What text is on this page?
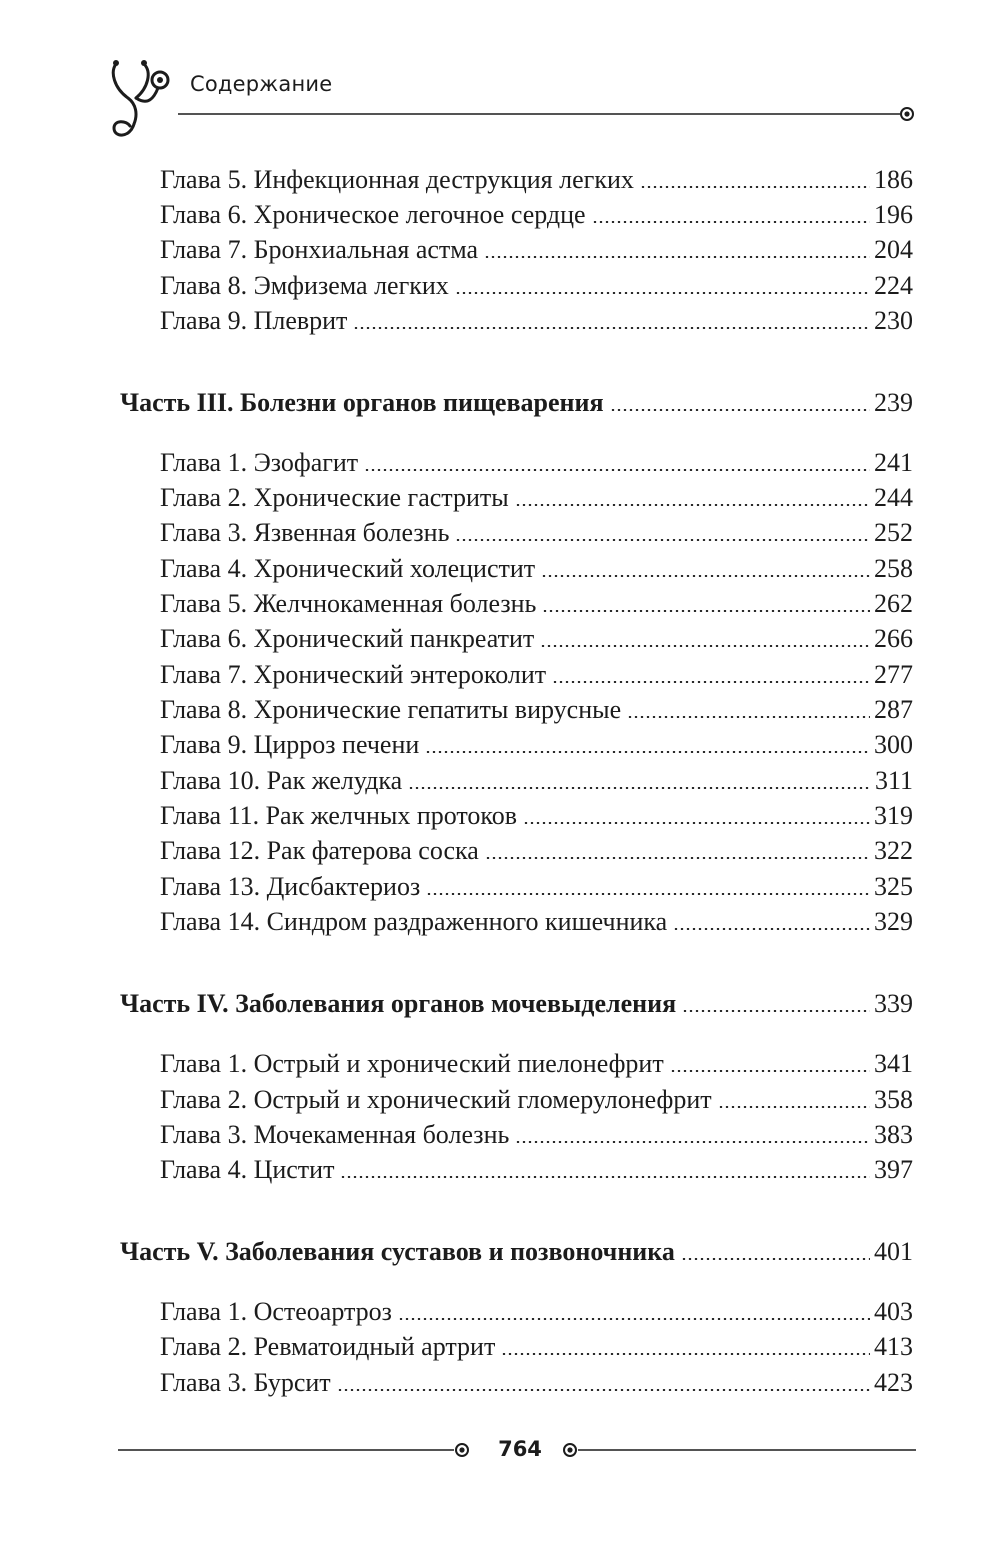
Содержание
Глава 5. Инфекционная деструкция легких	186
Глава 6. Хроническое легочное сердце	196
Глава 7. Бронхиальная астма	204
Глава 8. Эмфизема легких	224
Глава 9. Плеврит	230
Часть III. Болезни органов пищеварения	239
Глава 1. Эзофагит	241
Глава 2. Хронические гастриты	244
Глава 3. Язвенная болезнь	252
Глава 4. Хронический холецистит	258
Глава 5. Желчнокаменная болезнь	262
Глава 6. Хронический панкреатит	266
Глава 7. Хронический энтероколит	277
Глава 8. Хронические гепатиты вирусные	287
Глава 9. Цирроз печени	300
Глава 10. Рак желудка	311
Глава 11. Рак желчных протоков	319
Глава 12. Рак фатерова соска	322
Глава 13. Дисбактериоз	325
Глава 14. Синдром раздраженного кишечника	329
Часть IV. Заболевания органов мочевыделения	339
Глава 1. Острый и хронический пиелонефрит	341
Глава 2. Острый и хронический гломерулонефрит	358
Глава 3. Мочекаменная болезнь	383
Глава 4. Цистит	397
Часть V. Заболевания суставов и позвоночника	401
Глава 1. Остеоартроз	403
Глава 2. Ревматоидный артрит	413
Глава 3. Бурсит	423
764
